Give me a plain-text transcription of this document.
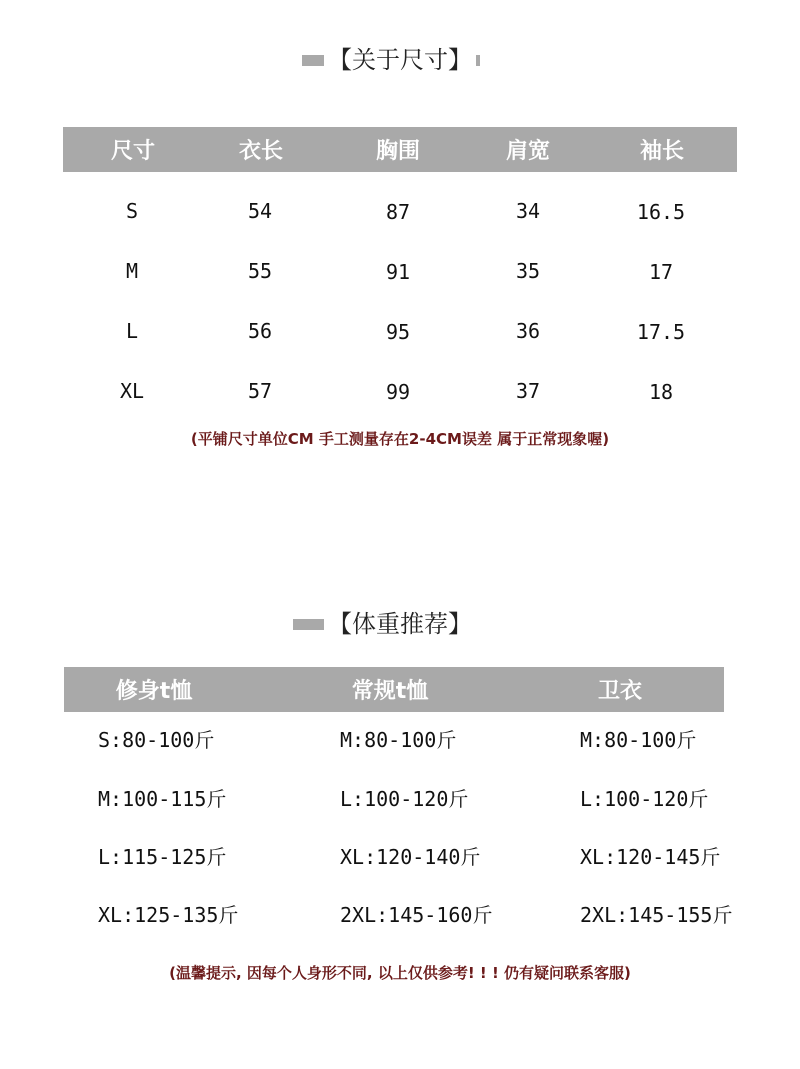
【关于尺寸】
尺寸	衣长	胸围	肩宽	袖长
S	54	87	34	16.5
M	55	91	35	17
L	56	95	36	17.5
XL	57	99	37	18
(平铺尺寸单位CM 手工测量存在2-4CM误差 属于正常现象喔)
【体重推荐】
修身t恤	常规t恤	卫衣
S:80-100斤	M:80-100斤	M:80-100斤
M:100-115斤	L:100-120斤	L:100-120斤
L:115-125斤	XL:120-140斤	XL:120-145斤
XL:125-135斤	2XL:145-160斤	2XL:145-155斤
(温馨提示, 因每个人身形不同, 以上仅供参考! ! ! 仍有疑问联系客服)
